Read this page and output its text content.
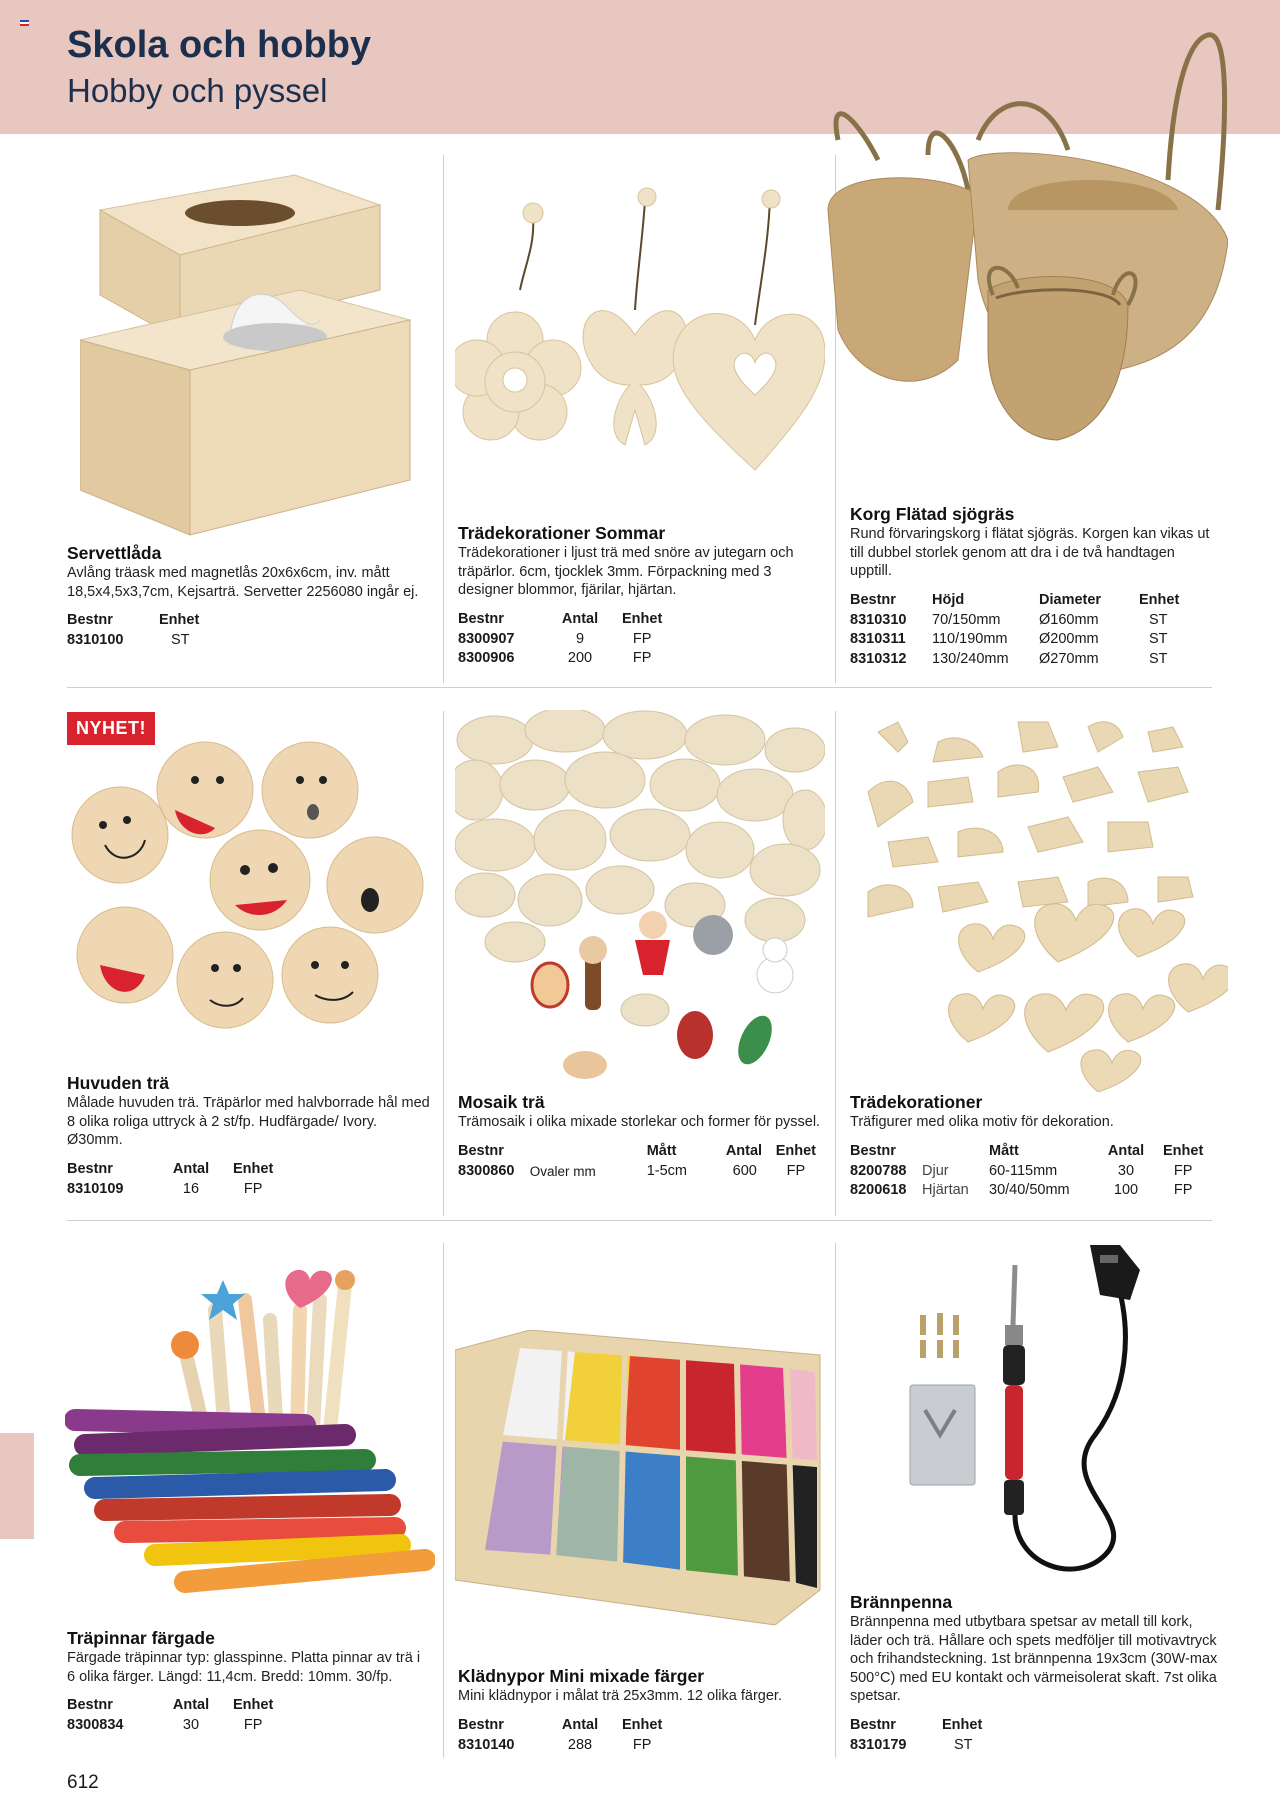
Skola och hobby
Hobby och pyssel
Servettlåda

Avlång träask med magnetlås 20x6x6cm, inv. mått 18,5x4,5x3,7cm, Kejsarträ. Servetter 2256080 ingår ej.

Bestnr	Enhet
8310100	ST
Trädekorationer Sommar

Trädekorationer i ljust trä med snöre av jutegarn och träpärlor. 6cm, tjocklek 3mm. Förpackning med 3 designer blommor, fjärilar, hjärtan.

Bestnr	Antal	Enhet
8300907	9	FP
8300906	200	FP
Korg Flätad sjögräs

Rund förvaringskorg i flätat sjögräs. Korgen kan vikas ut till dubbel storlek genom att dra i de två handtagen upptill.

Bestnr	Höjd	Diameter	Enhet
8310310	70/150mm	Ø160mm	ST
8310311	110/190mm	Ø200mm	ST
8310312	130/240mm	Ø270mm	ST
NYHET!
Huvuden trä

Målade huvuden trä. Träpärlor med halvborrade hål med 8 olika roliga uttryck à 2 st/fp. Hudfärgade/ Ivory. Ø30mm.

Bestnr	Antal	Enhet
8310109	16	FP
Mosaik trä

Trämosaik i olika mixade storlekar och former för pyssel.

Bestnr		Mått	Antal	Enhet
8300860	Ovaler mm	1-5cm	600	FP
Trädekorationer

Träfigurer med olika motiv för dekoration.

Bestnr		Mått	Antal	Enhet
8200788	Djur	60-115mm	30	FP
8200618	Hjärtan	30/40/50mm	100	FP
Träpinnar färgade

Färgade träpinnar typ: glasspinne. Platta pinnar av trä i 6 olika färger. Längd: 11,4cm. Bredd: 10mm. 30/fp.

Bestnr	Antal	Enhet
8300834	30	FP
Klädnypor Mini mixade färger

Mini klädnypor i målat trä 25x3mm. 12 olika färger.

Bestnr	Antal	Enhet
8310140	288	FP
Brännpenna

Brännpenna med utbytbara spetsar av metall till kork, läder och trä. Hållare och spets medföljer till motivavtryck och frihandsteckning. 1st brännpenna 19x3cm (30W-max 500°C) med EU kontakt och värmeisolerat skaft. 7st olika spetsar.

Bestnr	Enhet
8310179	ST
612
